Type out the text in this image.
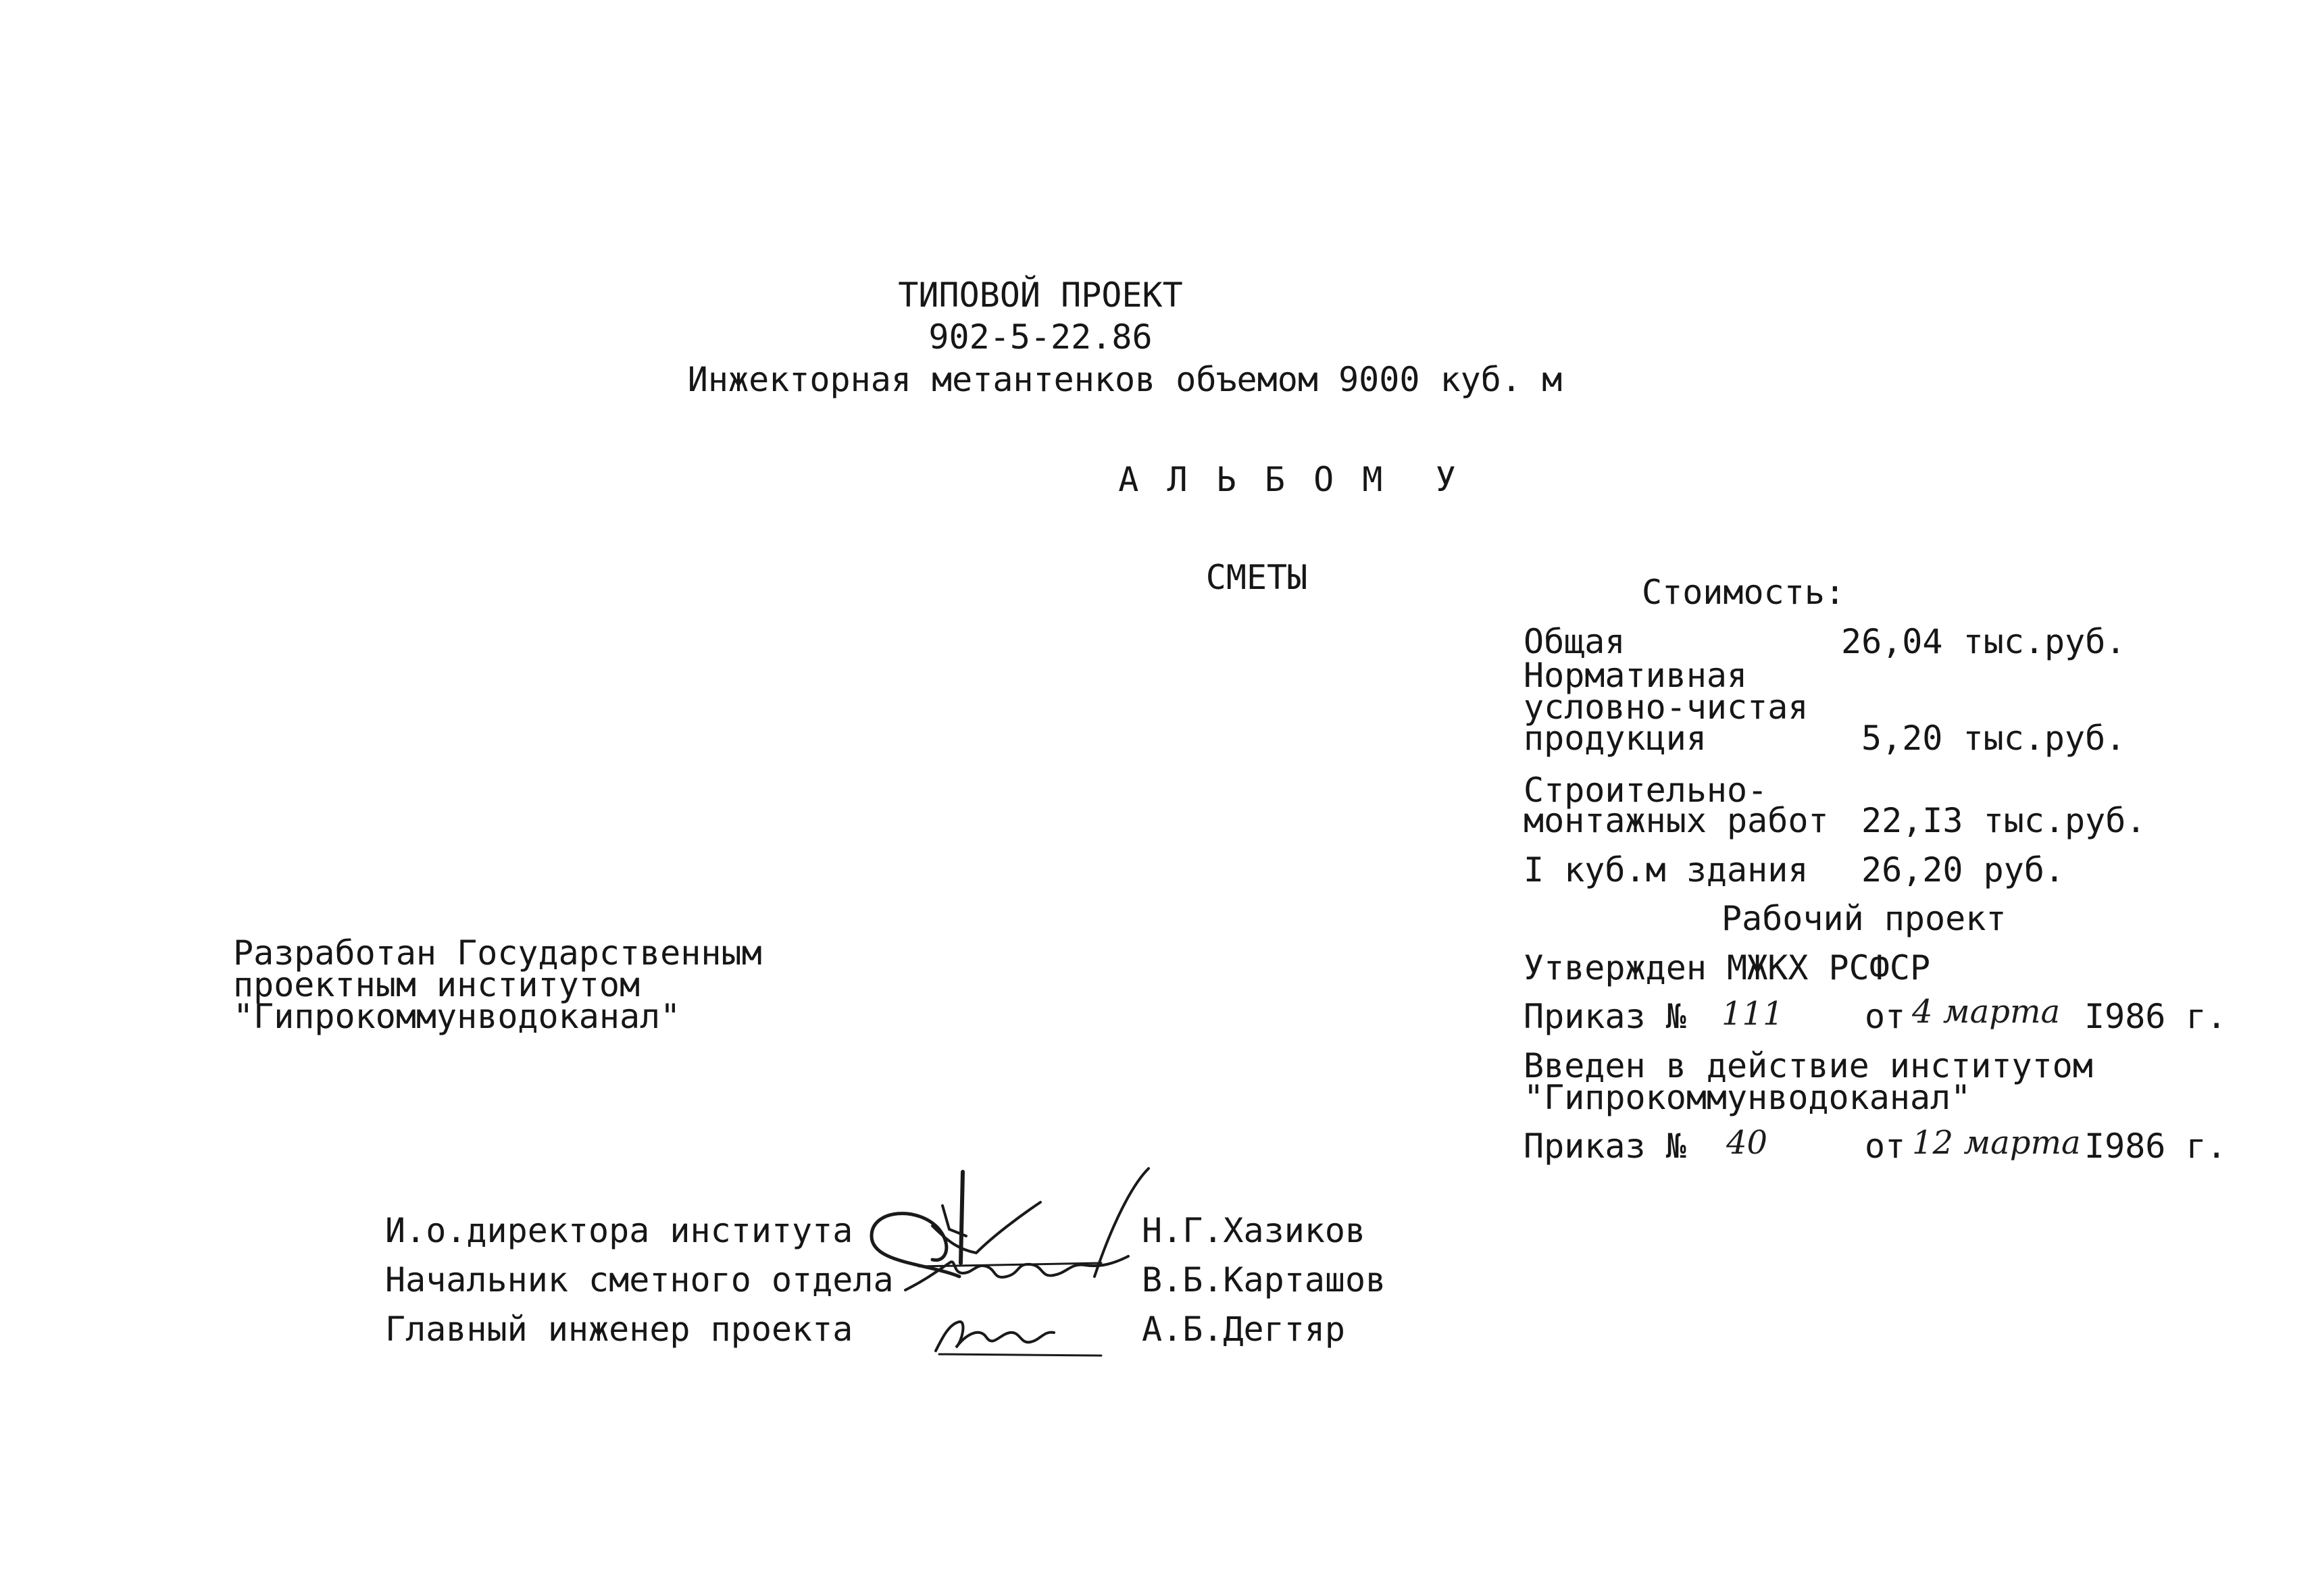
ТИПОВОЙ ПРОЕКТ
902-5-22.86
Инжекторная метантенков объемом 9000 куб. м
А Л Ь Б О М  У
СМЕТЫ	Стоимость:
Общая	26,04 тыс.руб.
Нормативная
условно-чистая
продукция	5,20 тыс.руб.
Строительно-
монтажных работ 22,I3 тыс.руб.
I куб.м здания 26,20 руб.
Рабочий проект
Утвержден МЖКХ РСФСР
Приказ № 111 от 4 марта I986 г.
Введен в действие институтом
"Гипрокоммунводоканал"
Приказ № 40	от 12 марта I986 г.
Разработан Государственным
проектным институтом
"Гипрокоммунводоканал"
И.о.директора института	Н.Г.Хазиков
Начальник сметного отдела	В.Б.Карташов
Главный инженер проекта	А.Б.Дегтяр
